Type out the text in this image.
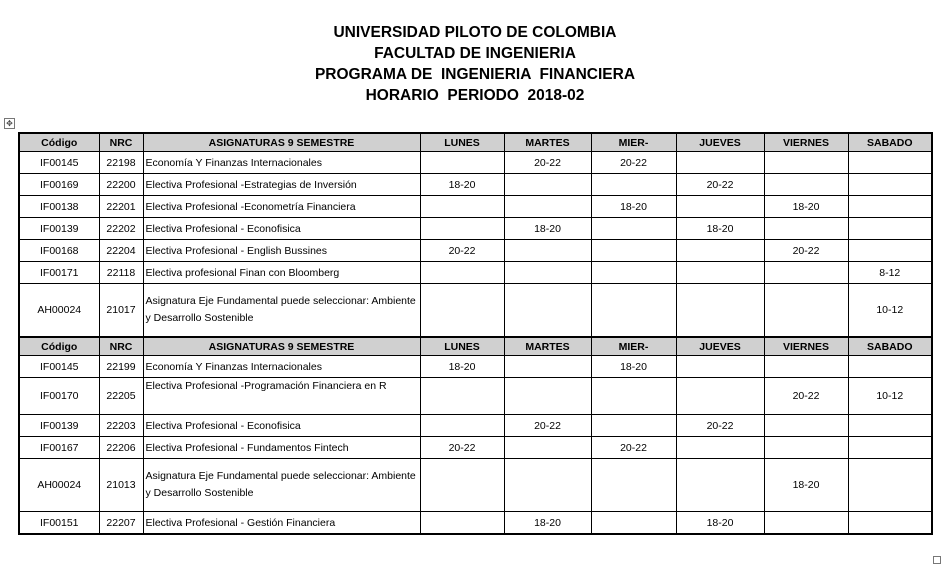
UNIVERSIDAD PILOTO DE COLOMBIA
FACULTAD DE INGENIERIA
PROGRAMA DE  INGENIERIA  FINANCIERA
HORARIO  PERIODO  2018-02
✥
Código	NRC	ASIGNATURAS 9 SEMESTRE	LUNES	MARTES	MIER-	JUEVES	VIERNES	SABADO
IF00145	22198	Economía Y Finanzas Internacionales		20-22	20-22			
IF00169	22200	Electiva Profesional -Estrategias de Inversión	18-20			20-22		
IF00138	22201	Electiva Profesional -Econometría Financiera			18-20		18-20	
IF00139	22202	Electiva Profesional - Econofisica		18-20		18-20		
IF00168	22204	Electiva Profesional - English Bussines	20-22				20-22	
IF00171	22118	Electiva profesional Finan con Bloomberg						8-12
AH00024	21017	Asignatura Eje Fundamental puede seleccionar: Ambiente y Desarrollo Sostenible						10-12
Código	NRC	ASIGNATURAS 9 SEMESTRE	LUNES	MARTES	MIER-	JUEVES	VIERNES	SABADO
IF00145	22199	Economía Y Finanzas Internacionales	18-20		18-20			
IF00170	22205	Electiva Profesional -Programación Financiera en R					20-22	10-12
IF00139	22203	Electiva Profesional - Econofisica		20-22		20-22		
IF00167	22206	Electiva Profesional - Fundamentos Fintech	20-22		20-22			
AH00024	21013	Asignatura Eje Fundamental puede seleccionar: Ambiente y Desarrollo Sostenible					18-20	
IF00151	22207	Electiva Profesional - Gestión Financiera		18-20		18-20		
